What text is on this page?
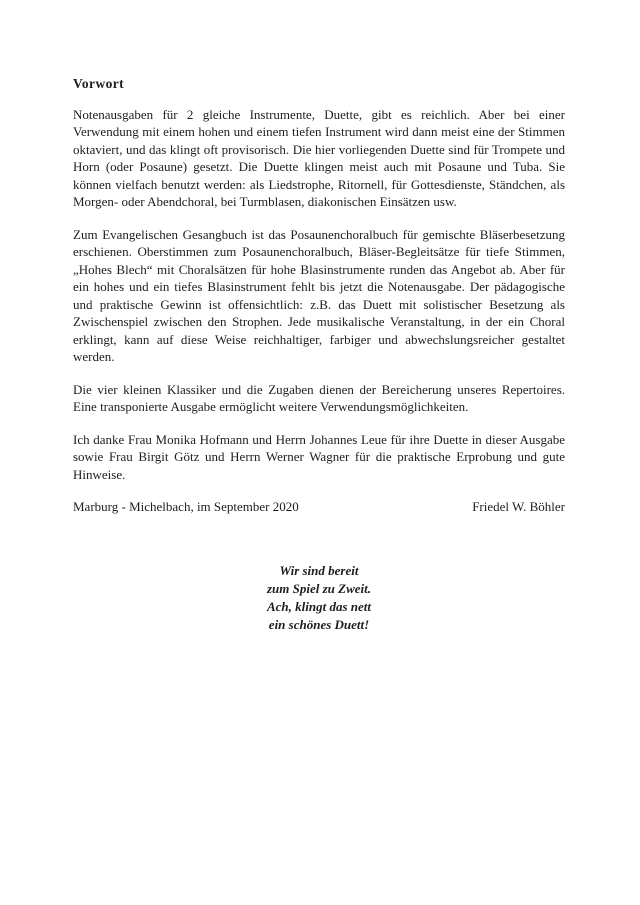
Vorwort

Notenausgaben für 2 gleiche Instrumente, Duette, gibt es reichlich. Aber bei einer Verwendung mit einem hohen und einem tiefen Instrument wird dann meist eine der Stimmen oktaviert, und das klingt oft provisorisch. Die hier vorliegenden Duette sind für Trompete und Horn (oder Posaune) gesetzt. Die Duette klingen meist auch mit Posaune und Tuba. Sie können vielfach benutzt werden: als Liedstrophe, Ritornell, für Gottesdienste, Ständchen, als Morgen- oder Abendchoral, bei Turmblasen, diakonischen Einsätzen usw.

Zum Evangelischen Gesangbuch ist das Posaunenchoralbuch für gemischte Bläserbesetzung erschienen. Oberstimmen zum Posaunenchoralbuch, Bläser-Begleitsätze für tiefe Stimmen, „Hohes Blech“ mit Choralsätzen für hohe Blasinstrumente runden das Angebot ab. Aber für ein hohes und ein tiefes Blasinstrument fehlt bis jetzt die Notenausgabe. Der pädagogische und praktische Gewinn ist offensichtlich: z.B. das Duett mit solistischer Besetzung als Zwischenspiel zwischen den Strophen. Jede musikalische Veranstaltung, in der ein Choral erklingt, kann auf diese Weise reichhaltiger, farbiger und abwechslungsreicher gestaltet werden.

Die vier kleinen Klassiker und die Zugaben dienen der Bereicherung unseres Repertoires. Eine transponierte Ausgabe ermöglicht weitere Verwendungsmöglichkeiten.

Ich danke Frau Monika Hofmann und Herrn Johannes Leue für ihre Duette in dieser Ausgabe sowie Frau Birgit Götz und Herrn Werner Wagner für die praktische Erprobung und gute Hinweise.

Marburg - Michelbach, im September 2020	Friedel W. Böhler
Wir sind bereit
zum Spiel zu Zweit.
Ach, klingt das nett
ein schönes Duett!
